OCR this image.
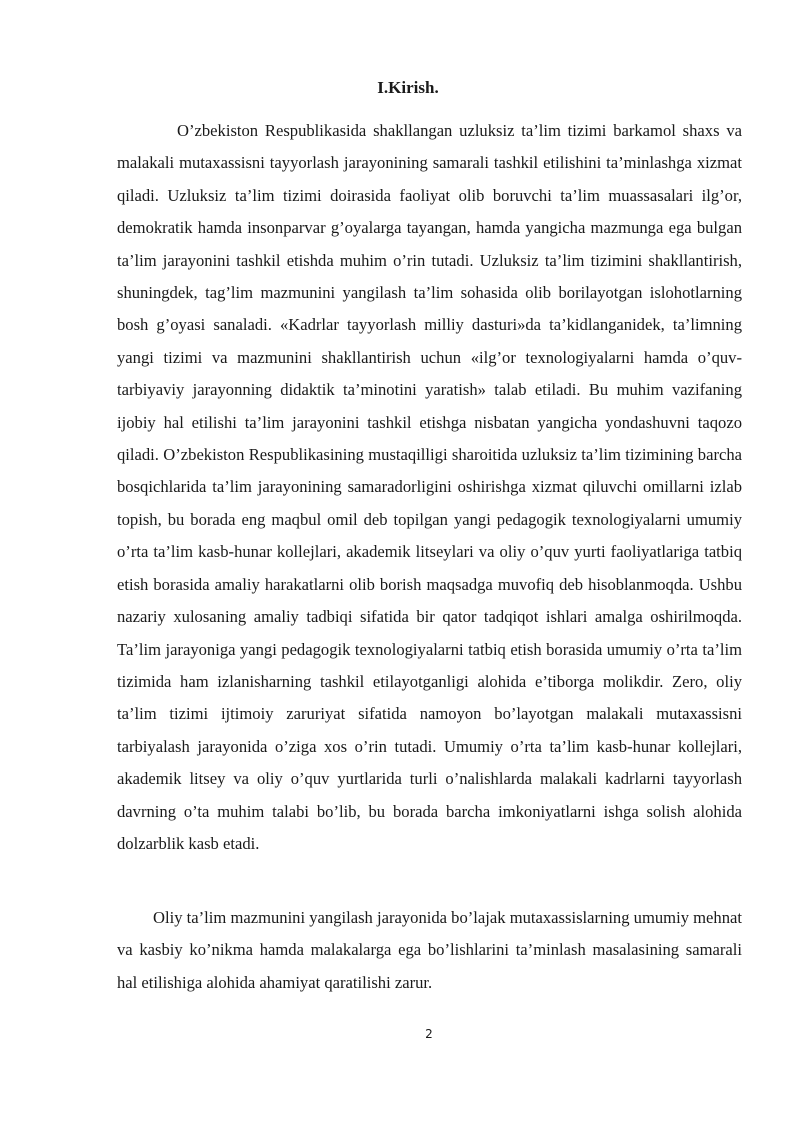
I.Kirish.

O’zbekiston Respublikasida shakllangan uzluksiz ta’lim tizimi barkamol shaxs va malakali mutaxassisni tayyorlash jarayonining samarali tashkil etilishini ta’minlashga xizmat qiladi. Uzluksiz ta’lim tizimi doirasida faoliyat olib boruvchi ta’lim muassasalari ilg’or, demokratik hamda insonparvar g’oyalarga tayangan, hamda yangicha mazmunga ega bulgan ta’lim jarayonini tashkil etishda muhim o’rin tutadi. Uzluksiz ta’lim tizimini shakllantirish, shuningdek, tag’lim mazmunini yangilash ta’lim sohasida olib borilayotgan islohotlarning bosh g’oyasi sanaladi. «Kadrlar tayyorlash milliy dasturi»da ta’kidlanganidek, ta’limning yangi tizimi va mazmunini shakllantirish uchun «ilg’or texnologiyalarni hamda o’quv-tarbiyaviy jarayonning didaktik ta’minotini yaratish» talab etiladi. Bu muhim vazifaning ijobiy hal etilishi ta’lim jarayonini tashkil etishga nisbatan yangicha yondashuvni taqozo qiladi. O’zbekiston Respublikasining mustaqilligi sharoitida uzluksiz ta’lim tizimining barcha bosqichlarida ta’lim jarayonining samaradorligini oshirishga xizmat qiluvchi omillarni izlab topish, bu borada eng maqbul omil deb topilgan yangi pedagogik texnologiyalarni umumiy o’rta ta’lim kasb-hunar kollejlari, akademik litseylari va oliy o’quv yurti faoliyatlariga tatbiq etish borasida amaliy harakatlarni olib borish maqsadga muvofiq deb hisoblanmoqda. Ushbu nazariy xulosaning amaliy tadbiqi sifatida bir qator tadqiqot ishlari amalga oshirilmoqda. Ta’lim jarayoniga yangi pedagogik texnologiyalarni tatbiq etish borasida umumiy o’rta ta’lim tizimida ham izlanisharning tashkil etilayotganligi alohida e’tiborga molikdir. Zero, oliy ta’lim tizimi ijtimoiy zaruriyat sifatida namoyon bo’layotgan malakali mutaxassisni tarbiyalash jarayonida o’ziga xos o’rin tutadi. Umumiy o’rta ta’lim kasb-hunar kollejlari, akademik litsey va oliy o’quv yurtlarida turli o’nalishlarda malakali kadrlarni tayyorlash davrning o’ta muhim talabi bo’lib, bu borada barcha imkoniyatlarni ishga solish alohida dolzarblik kasb etadi.

Oliy ta’lim mazmunini yangilash jarayonida bo’lajak mutaxassislarning umumiy mehnat va kasbiy ko’nikma hamda malakalarga ega bo’lishlarini ta’minlash masalasining samarali hal etilishiga alohida ahamiyat qaratilishi zarur.

2
